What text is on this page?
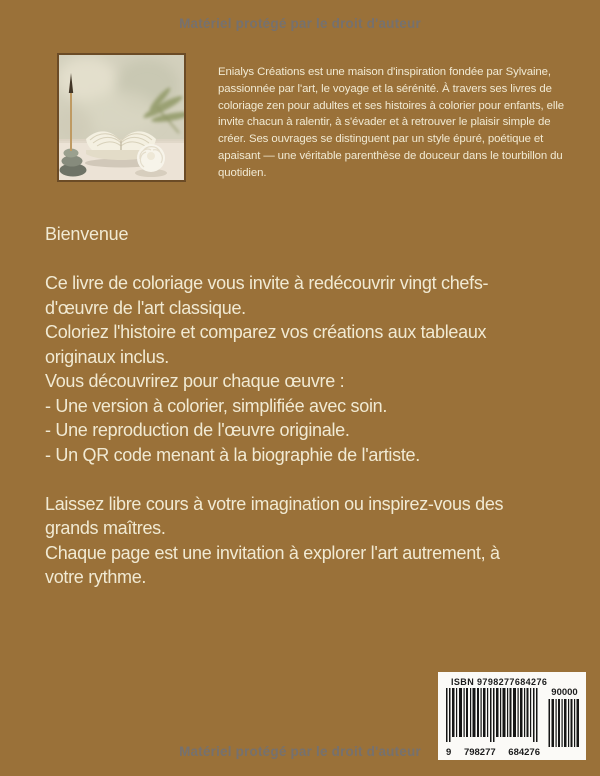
Matériel protégé par le droit d'auteur
Enialys Créations est une maison d'inspiration fondée par Sylvaine, passionnée par l'art, le voyage et la sérénité. À travers ses livres de coloriage zen pour adultes et ses histoires à colorier pour enfants, elle invite chacun à ralentir, à s'évader et à retrouver le plaisir simple de créer. Ses ouvrages se distinguent par un style épuré, poétique et apaisant — une véritable parenthèse de douceur dans le tourbillon du quotidien.
Bienvenue
Ce livre de coloriage vous invite à redécouvrir vingt chefs-
d'œuvre de l'art classique.
Coloriez l'histoire et comparez vos créations aux tableaux
originaux inclus.
Vous découvrirez pour chaque œuvre :
- Une version à colorier, simplifiée avec soin.
- Une reproduction de l'œuvre originale.
- Un QR code menant à la biographie de l'artiste.
Laissez libre cours à votre imagination ou inspirez-vous des
grands maîtres.
Chaque page est une invitation à explorer l'art autrement, à
votre rythme.
ISBN 9798277684276
9 798277 684276
90000
Matériel protégé par le droit d'auteur
